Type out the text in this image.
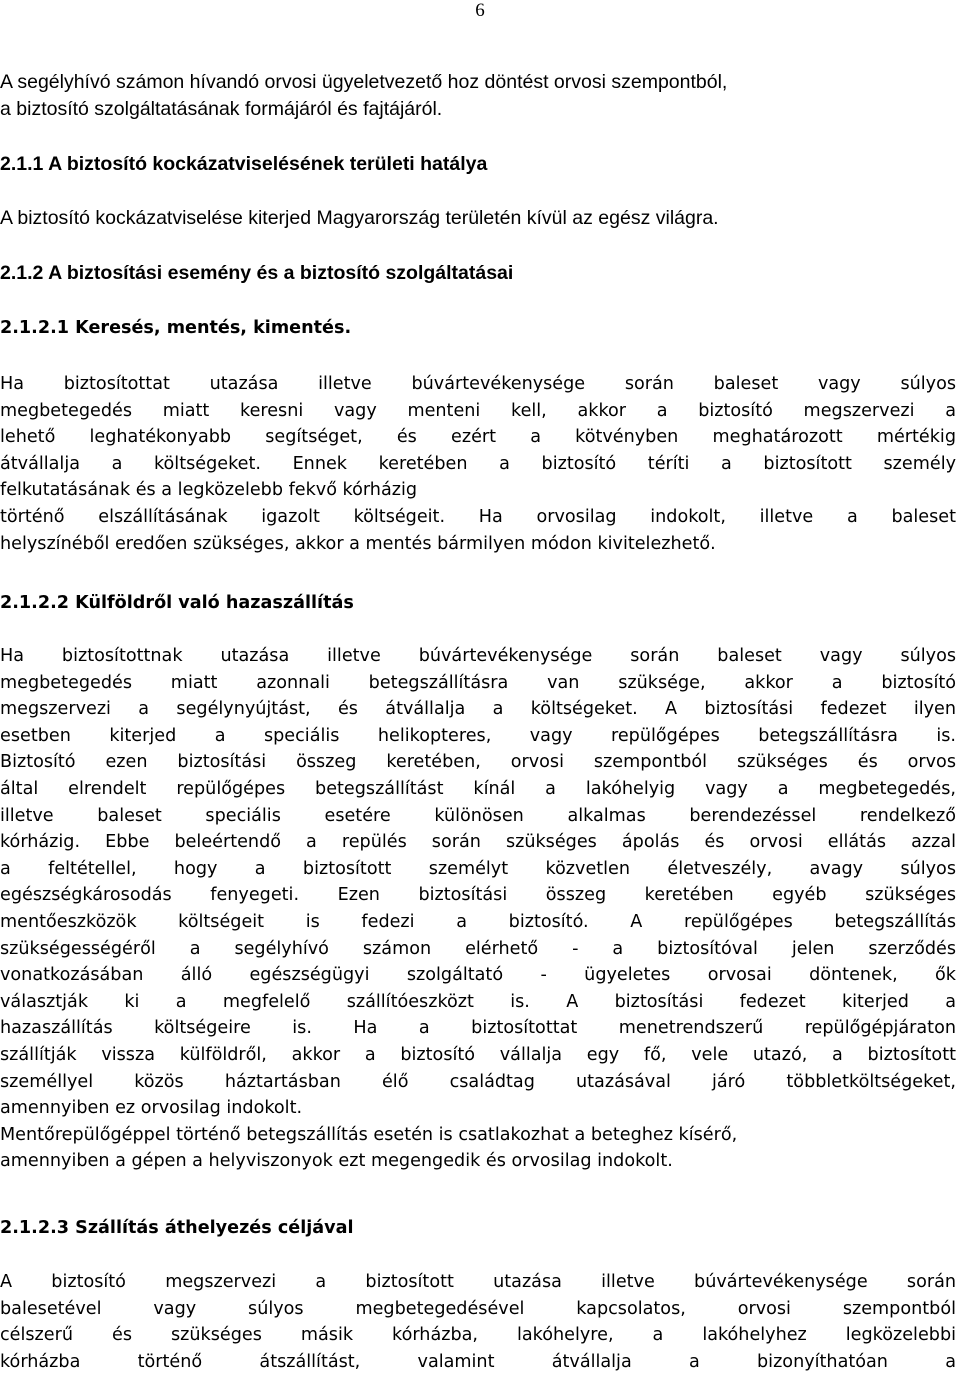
6
A segélyhívó számon hívandó orvosi ügyeletvezető hoz döntést orvosi szempontból,
a biztosító szolgáltatásának formájáról és fajtájáról.
2.1.1 A biztosító kockázatviselésének területi hatálya
A biztosító kockázatviselése kiterjed Magyarország területén kívül az egész világra.
2.1.2 A biztosítási esemény és a biztosító szolgáltatásai
2.1.2.1 Keresés, mentés, kimentés.
Ha biztosítottat utazása illetve búvártevékenysége során baleset vagy súlyos
megbetegedés miatt keresni vagy menteni kell, akkor a biztosító megszervezi a
lehető leghatékonyabb segítséget, és ezért a kötvényben meghatározott mértékig
átvállalja a költségeket. Ennek keretében a biztosító téríti a biztosított személy
felkutatásának és a legközelebb fekvő kórházig
történő elszállításának igazolt költségeit. Ha orvosilag indokolt, illetve a baleset
helyszínéből eredően szükséges, akkor a mentés bármilyen módon kivitelezhető.
2.1.2.2 Külföldről való hazaszállítás
Ha biztosítottnak utazása illetve búvártevékenysége során baleset vagy súlyos
megbetegedés miatt azonnali betegszállításra van szüksége, akkor a biztosító
megszervezi a segélynyújtást, és átvállalja a költségeket. A biztosítási fedezet ilyen
esetben kiterjed a speciális helikopteres, vagy repülőgépes betegszállításra is.
Biztosító ezen biztosítási összeg keretében, orvosi szempontból szükséges és orvos
által elrendelt repülőgépes betegszállítást kínál a lakóhelyig vagy a megbetegedés,
illetve baleset speciális esetére különösen alkalmas berendezéssel rendelkező
kórházig. Ebbe beleértendő a repülés során szükséges ápolás és orvosi ellátás azzal
a feltétellel, hogy a biztosított személyt közvetlen életveszély, avagy súlyos
egészségkárosodás fenyegeti. Ezen biztosítási összeg keretében egyéb szükséges
mentőeszközök költségeit is fedezi a biztosító. A repülőgépes betegszállítás
szükségességéről a segélyhívó számon elérhető - a biztosítóval jelen szerződés
vonatkozásában álló egészségügyi szolgáltató - ügyeletes orvosai döntenek, ők
választják ki a megfelelő szállítóeszközt is. A biztosítási fedezet kiterjed a
hazaszállítás költségeire is. Ha a biztosítottat menetrendszerű repülőgépjáraton
szállítják vissza külföldről, akkor a biztosító vállalja egy fő, vele utazó, a biztosított
személlyel közös háztartásban élő családtag utazásával járó többletköltségeket,
amennyiben ez orvosilag indokolt.
Mentőrepülőgéppel történő betegszállítás esetén is csatlakozhat a beteghez kísérő,
amennyiben a gépen a helyviszonyok ezt megengedik és orvosilag indokolt.
2.1.2.3 Szállítás áthelyezés céljával
A biztosító megszervezi a biztosított utazása illetve búvártevékenysége során
balesetével vagy súlyos megbetegedésével kapcsolatos, orvosi szempontból
célszerű és szükséges másik kórházba, lakóhelyre, a lakóhelyhez legközelebbi
kórházba történő átszállítást, valamint átvállalja a bizonyíthatóan a
